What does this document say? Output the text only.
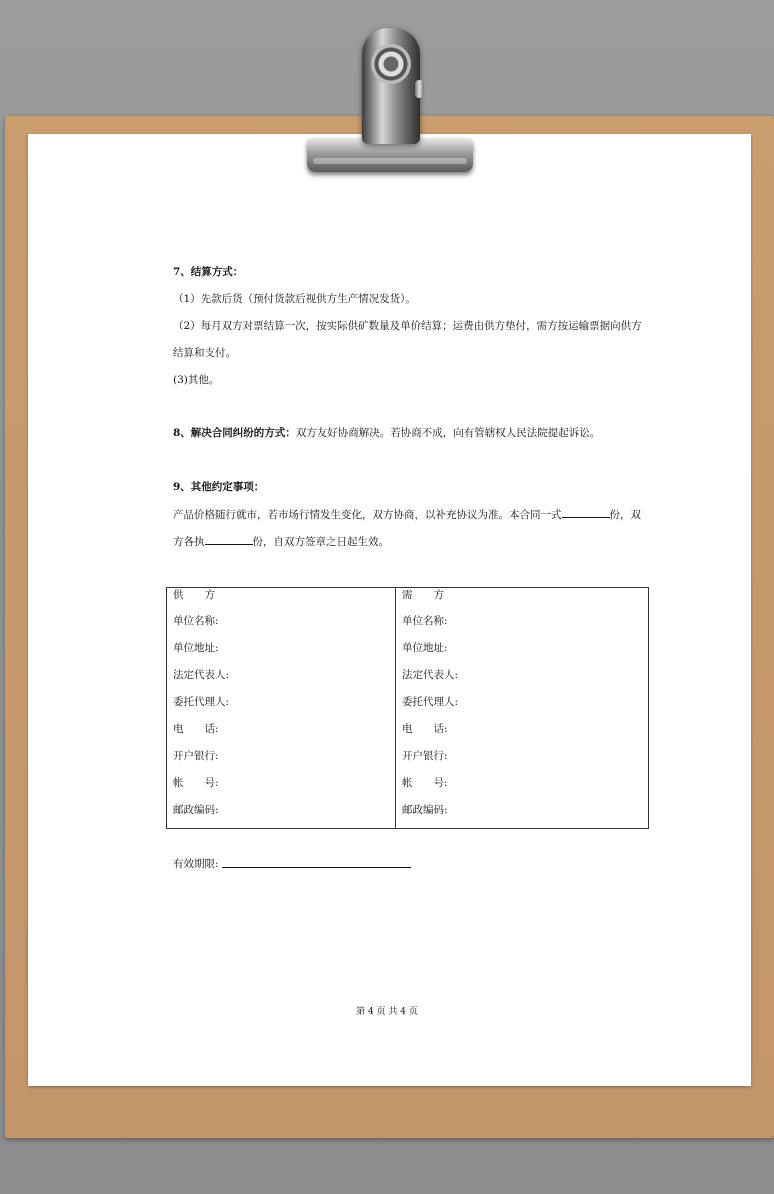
7、结算方式：
（1）先款后货（预付货款后视供方生产情况发货）。
（2）每月双方对票结算一次，按实际供矿数量及单价结算；运费由供方垫付，需方按运输票据向供方
结算和支付。
(3)其他。
8、解决合同纠纷的方式：双方友好协商解决。若协商不成，向有管辖权人民法院提起诉讼。
9、其他约定事项：
产品价格随行就市，若市场行情发生变化，双方协商，以补充协议为准。本合同一式	份，双
方各执	份，自双方签章之日起生效。
供　　方
单位名称:
单位地址:
法定代表人:
委托代理人:
电　　话:
开户银行:
帐　　号:
邮政编码:
需　　方
单位名称:
单位地址:
法定代表人:
委托代理人:
电　　话:
开户银行:
帐　　号:
邮政编码:
有效期限:
第 4 页 共 4 页
